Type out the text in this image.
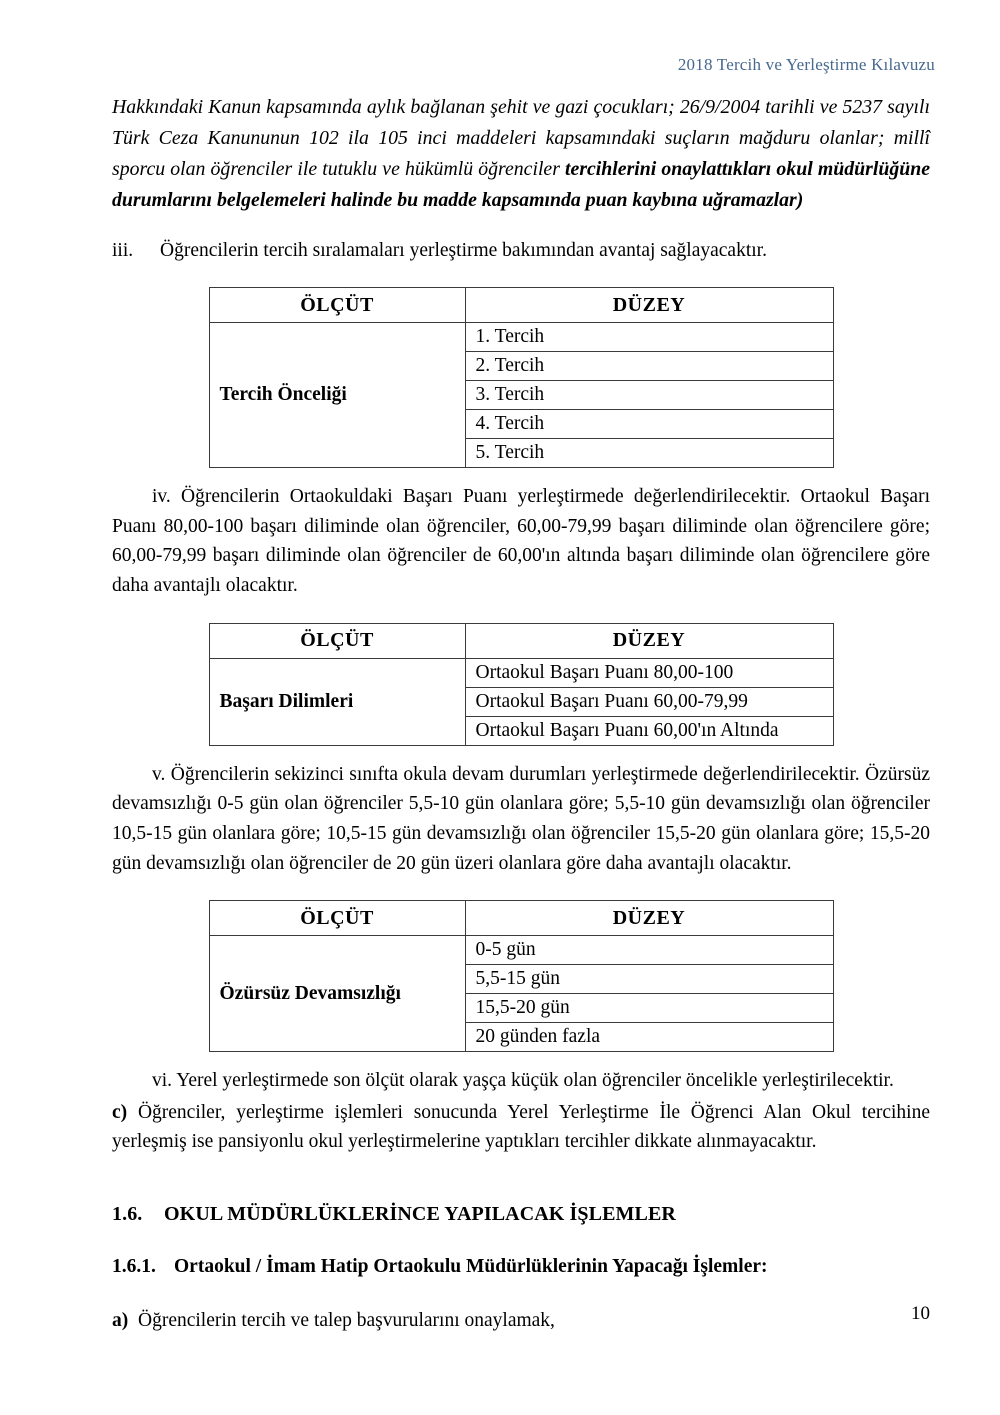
2018 Tercih ve Yerleştirme Kılavuzu

Hakkındaki Kanun kapsamında aylık bağlanan şehit ve gazi çocukları; 26/9/2004 tarihli ve 5237 sayılı Türk Ceza Kanununun 102 ila 105 inci maddeleri kapsamındaki suçların mağduru olanlar; millî sporcu olan öğrenciler ile tutuklu ve hükümlü öğrenciler tercihlerini onaylattıkları okul müdürlüğüne durumlarını belgelemeleri halinde bu madde kapsamında puan kaybına uğramazlar)

iii. Öğrencilerin tercih sıralamaları yerleştirme bakımından avantaj sağlayacaktır.

ÖLÇÜT	DÜZEY
Tercih Önceliği	1. Tercih
	2. Tercih
	3. Tercih
	4. Tercih
	5. Tercih

iv. Öğrencilerin Ortaokuldaki Başarı Puanı yerleştirmede değerlendirilecektir. Ortaokul Başarı Puanı 80,00-100 başarı diliminde olan öğrenciler, 60,00-79,99 başarı diliminde olan öğrencilere göre; 60,00-79,99 başarı diliminde olan öğrenciler de 60,00'ın altında başarı diliminde olan öğrencilere göre daha avantajlı olacaktır.

ÖLÇÜT	DÜZEY
Başarı Dilimleri	Ortaokul Başarı Puanı 80,00-100
	Ortaokul Başarı Puanı 60,00-79,99
	Ortaokul Başarı Puanı 60,00'ın Altında

v. Öğrencilerin sekizinci sınıfta okula devam durumları yerleştirmede değerlendirilecektir. Özürsüz devamsızlığı 0-5 gün olan öğrenciler 5,5-10 gün olanlara göre; 5,5-10 gün devamsızlığı olan öğrenciler 10,5-15 gün olanlara göre; 10,5-15 gün devamsızlığı olan öğrenciler 15,5-20 gün olanlara göre; 15,5-20 gün devamsızlığı olan öğrenciler de 20 gün üzeri olanlara göre daha avantajlı olacaktır.

ÖLÇÜT	DÜZEY
Özürsüz Devamsızlığı	0-5 gün
	5,5-15 gün
	15,5-20 gün
	20 günden fazla

vi. Yerel yerleştirmede son ölçüt olarak yaşça küçük olan öğrenciler öncelikle yerleştirilecektir.

c) Öğrenciler, yerleştirme işlemleri sonucunda Yerel Yerleştirme İle Öğrenci Alan Okul tercihine yerleşmiş ise pansiyonlu okul yerleştirmelerine yaptıkları tercihler dikkate alınmayacaktır.

1.6. OKUL MÜDÜRLÜKLERİNCE YAPILACAK İŞLEMLER
1.6.1. Ortaokul / İmam Hatip Ortaokulu Müdürlüklerinin Yapacağı İşlemler:

a) Öğrencilerin tercih ve talep başvurularını onaylamak,	10
